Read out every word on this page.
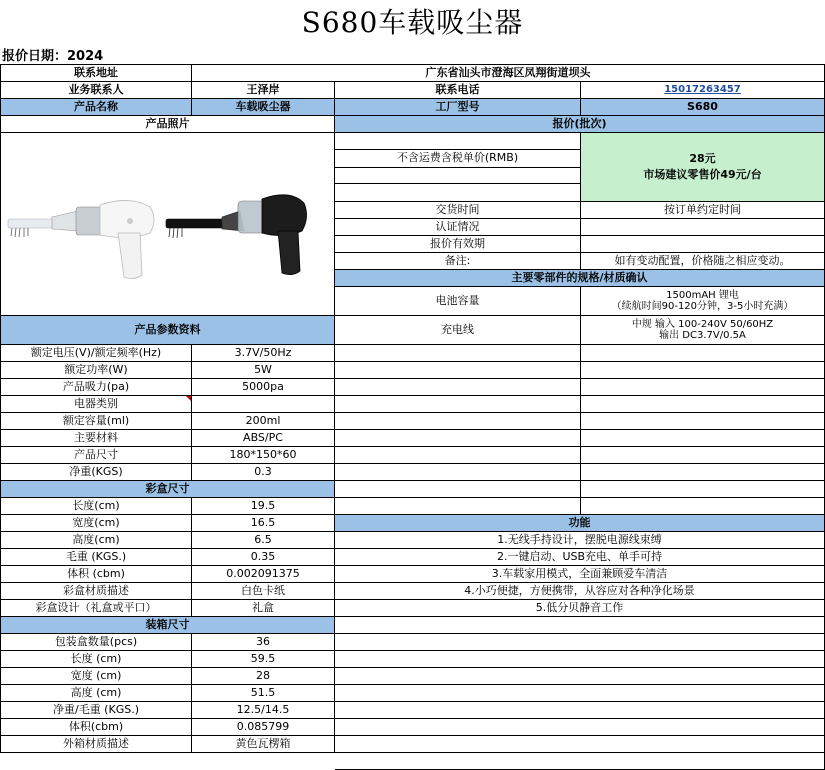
S680车载吸尘器
报价日期：2024
联系地址	广东省汕头市澄海区凤翔街道坝头
业务联系人	王泽岸	联系电话	15017263457
产品名称	车载吸尘器	工厂型号	S680
产品照片	报价(批次)
不含运费含税单价(RMB)	28元
市场建议零售价49元/台
交货时间	按订单约定时间
认证情况
报价有效期
备注:	如有变动配置，价格随之相应变动。
主要零部件的规格/材质确认
电池容量	1500mAH 锂电
（续航时间90-120分钟，3-5小时充满）
充电线	中规 输入 100-240V 50/60HZ
输出 DC3.7V/0.5A
产品参数资料
额定电压(V)/额定频率(Hz)	3.7V/50Hz
额定功率(W)	5W
产品吸力(pa)	5000pa
电器类别
额定容量(ml)	200ml
主要材料	ABS/PC
产品尺寸	180*150*60
净重(KGS)	0.3
彩盒尺寸
长度(cm)	19.5
宽度(cm)	16.5
高度(cm)	6.5
毛重 (KGS.)	0.35
体积 (cbm)	0.002091375
彩盒材质描述	白色卡纸
彩盒设计（礼盒或平口）	礼盒
装箱尺寸
包装盒数量(pcs)	36
长度 (cm)	59.5
宽度 (cm)	28
高度 (cm)	51.5
净重/毛重 (KGS.)	12.5/14.5
体积(cbm)	0.085799
外箱材质描述	黄色瓦楞箱
功能
1.无线手持设计，摆脱电源线束缚
2.一键启动、USB充电、单手可持
3.车载家用模式，全面兼顾爱车清洁
4.小巧便捷，方便携带，从容应对各种净化场景
5.低分贝静音工作
